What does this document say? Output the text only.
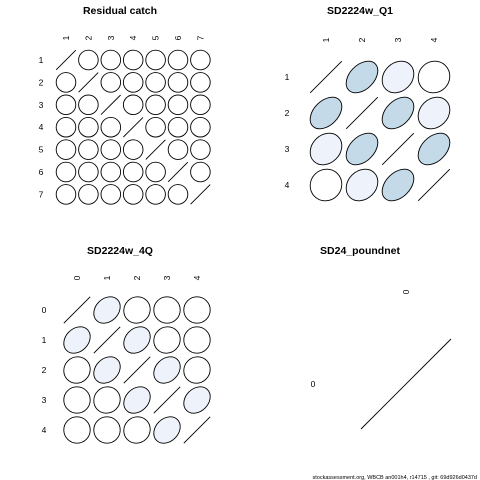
Residual catch
1 2 3 4 5 6 7
1
2
3
4
5
6
7
SD2224w_Q1
1	2	3	4
1
2
3
4
SD2224w_4Q
0 1 2 3 4
0
1
2
3
4
SD24_poundnet
0
0
stockassessment.org, WBCB an001h4, r14715 , git: 69d926d0437d
